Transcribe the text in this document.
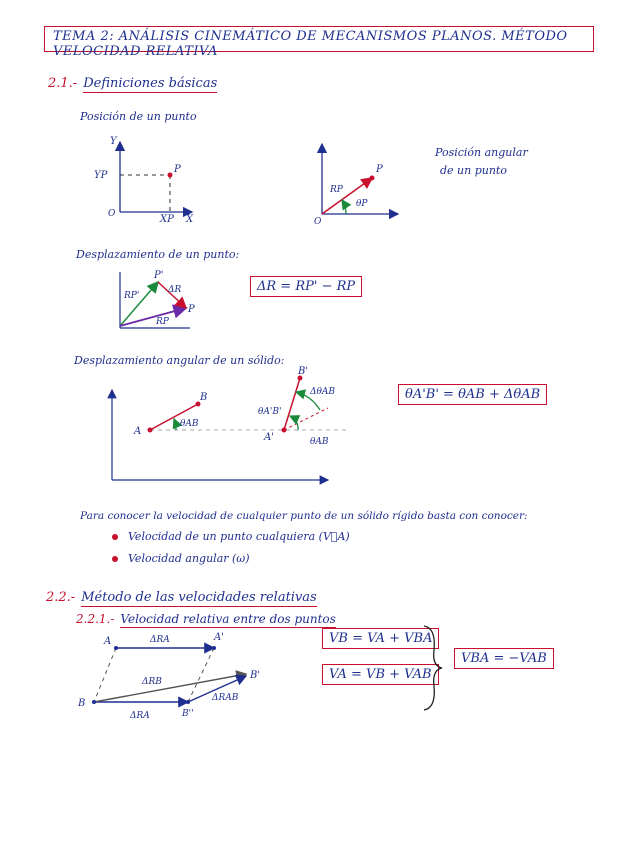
TEMA 2: ANÁLISIS CINEMÁTICO DE MECANISMOS PLANOS. MÉTODO VELOCIDAD RELATIVA
2.1.- Definiciones básicas
Posición de un punto
Posición angular
de un punto
Desplazamiento de un punto:
ΔR = RP' − RP
Desplazamiento angular de un sólido:
θA'B' = θAB + ΔθAB
Para conocer la velocidad de cualquier punto de un sólido rígido basta con conocer:
Velocidad de un punto cualquiera (V⃗A)
Velocidad angular (ω)
2.2.- Método de las velocidades relativas
2.2.1.- Velocidad relativa entre dos puntos
VB = VA + VBA
VA = VB + VAB
VBA = −VAB
Y
YP
P
O	XP X
P
RP
θP
O
P'
RP'
ΔR
P
RP
A
B
θAB
A'
B'
θA'B'
ΔθAB
θAB
A	ΔRA	A'
ΔRB
B'
ΔRAB
B
ΔRA	B''
